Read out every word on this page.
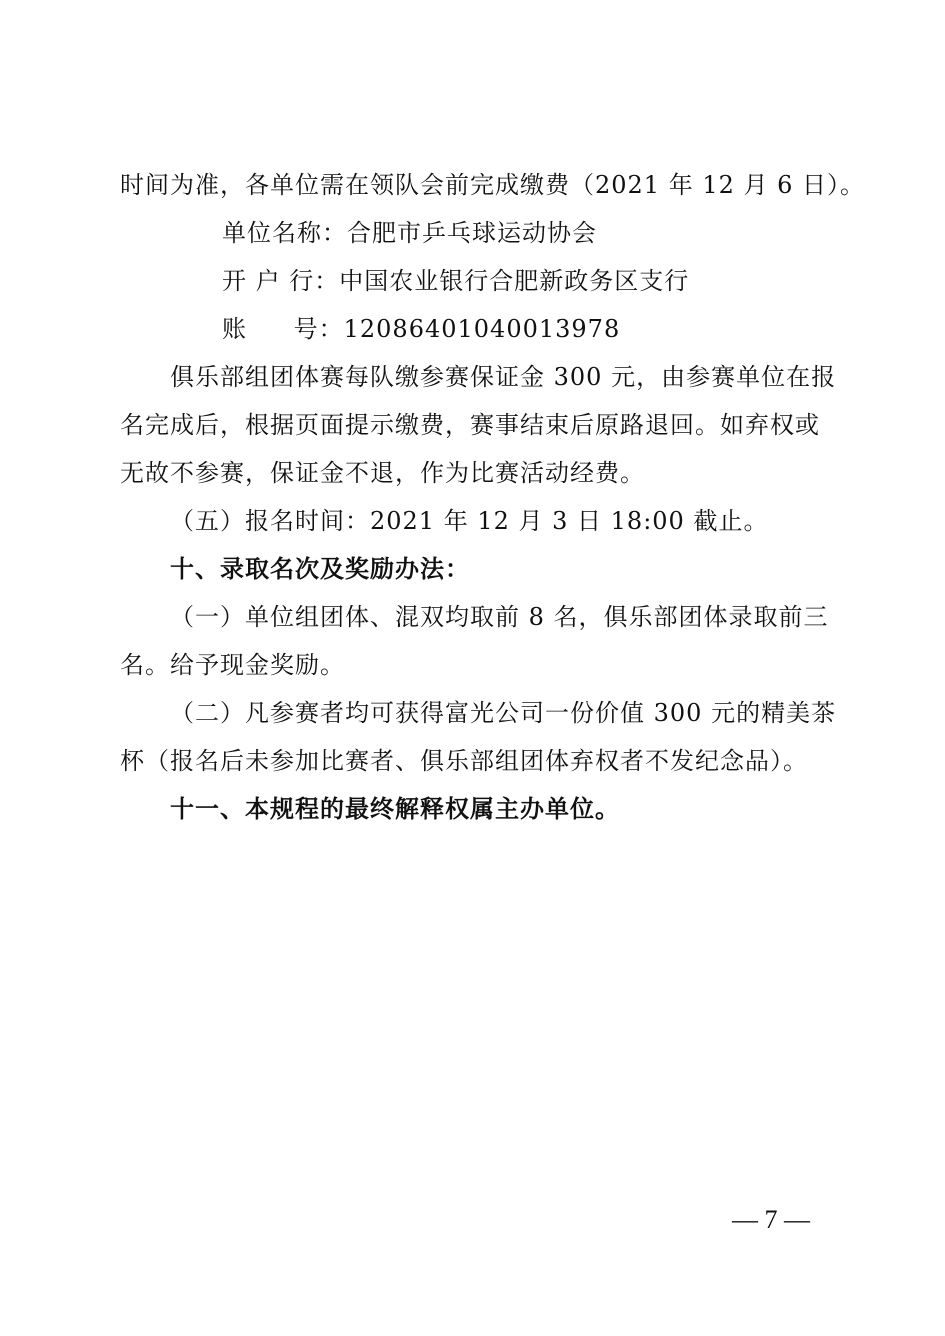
时间为准，各单位需在领队会前完成缴费（2021 年 12 月 6 日）。
单位名称：合肥市乒乓球运动协会
开 户 行：中国农业银行合肥新政务区支行
账 号：12086401040013978
俱乐部组团体赛每队缴参赛保证金 300 元，由参赛单位在报
名完成后，根据页面提示缴费，赛事结束后原路退回。如弃权或
无故不参赛，保证金不退，作为比赛活动经费。
（五）报名时间：2021 年 12 月 3 日 18:00 截止。
十、录取名次及奖励办法：
（一）单位组团体、混双均取前 8 名，俱乐部团体录取前三
名。给予现金奖励。
（二）凡参赛者均可获得富光公司一份价值 300 元的精美茶
杯（报名后未参加比赛者、俱乐部组团体弃权者不发纪念品）。
十一、本规程的最终解释权属主办单位。
— 7 —
